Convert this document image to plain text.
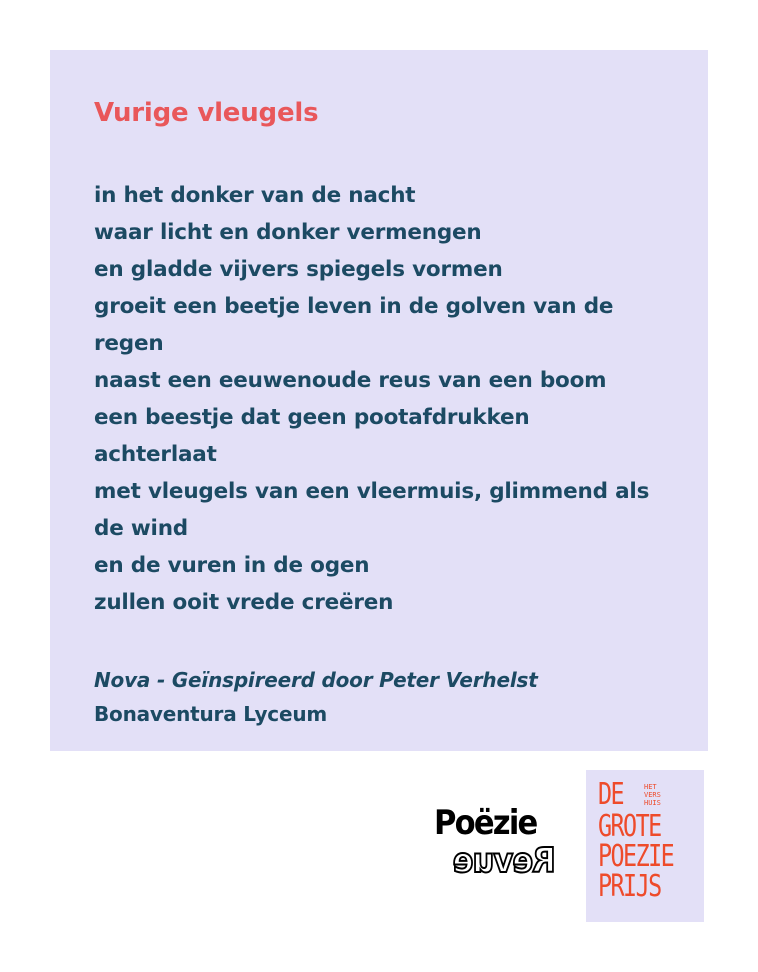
Vurige vleugels
in het donker van de nacht
waar licht en donker vermengen
en gladde vijvers spiegels vormen
groeit een beetje leven in de golven van de
regen
naast een eeuwenoude reus van een boom
een beestje dat geen pootafdrukken
achterlaat
met vleugels van een vleermuis, glimmend als
de wind
en de vuren in de ogen
zullen ooit vrede creëren

Nova - Geïnspireerd door Peter Verhelst

Bonaventura Lyceum

Poëzie
Revue
DE	HET
VERS
HUIS
GROTE
POEZIE
PRIJS
